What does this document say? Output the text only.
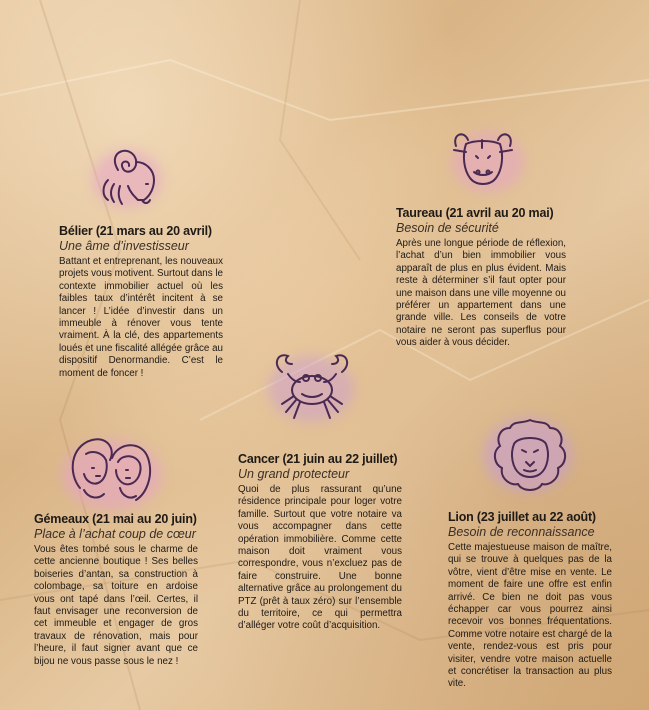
Bélier (21 mars au 20 avril)
Une âme d’investisseur

Battant et entreprenant, les nouveaux projets vous motivent. Surtout dans le contexte immobilier actuel où les faibles taux d’intérêt incitent à se lancer ! L’idée d’investir dans un immeuble à rénover vous tente vraiment. À la clé, des appartements loués et une fiscalité allégée grâce au dispositif Denormandie. C’est le moment de foncer !

Taureau (21 avril au 20 mai)
Besoin de sécurité

Après une longue période de réflexion, l’achat d’un bien immobilier vous apparaît de plus en plus évident. Mais reste à déterminer s’il faut opter pour une maison dans une ville moyenne ou préférer un appartement dans une grande ville. Les conseils de votre notaire ne seront pas superflus pour vous aider à vous décider.

Cancer (21 juin au 22 juillet)
Un grand protecteur

Quoi de plus rassurant qu’une résidence principale pour loger votre famille. Surtout que votre notaire va vous accompagner dans cette opération immobilière. Comme cette maison doit vraiment vous correspondre, vous n’excluez pas de faire construire. Une bonne alternative grâce au prolongement du PTZ (prêt à taux zéro) sur l’ensemble du territoire, ce qui permettra d’alléger votre coût d’acquisition.

Gémeaux (21 mai au 20 juin)
Place à l’achat coup de cœur

Vous êtes tombé sous le charme de cette ancienne boutique ! Ses belles boiseries d’antan, sa construction à colombage, sa toiture en ardoise vous ont tapé dans l’œil. Certes, il faut envisager une reconversion de cet immeuble et engager de gros travaux de rénovation, mais pour l’heure, il faut signer avant que ce bijou ne vous passe sous le nez !

Lion (23 juillet au 22 août)
Besoin de reconnaissance

Cette majestueuse maison de maître, qui se trouve à quelques pas de la vôtre, vient d’être mise en vente. Le moment de faire une offre est enfin arrivé. Ce bien ne doit pas vous échapper car vous pourrez ainsi recevoir vos bonnes fréquentations. Comme votre notaire est chargé de la vente, rendez-vous est pris pour visiter, vendre votre maison actuelle et concrétiser la transaction au plus vite.
